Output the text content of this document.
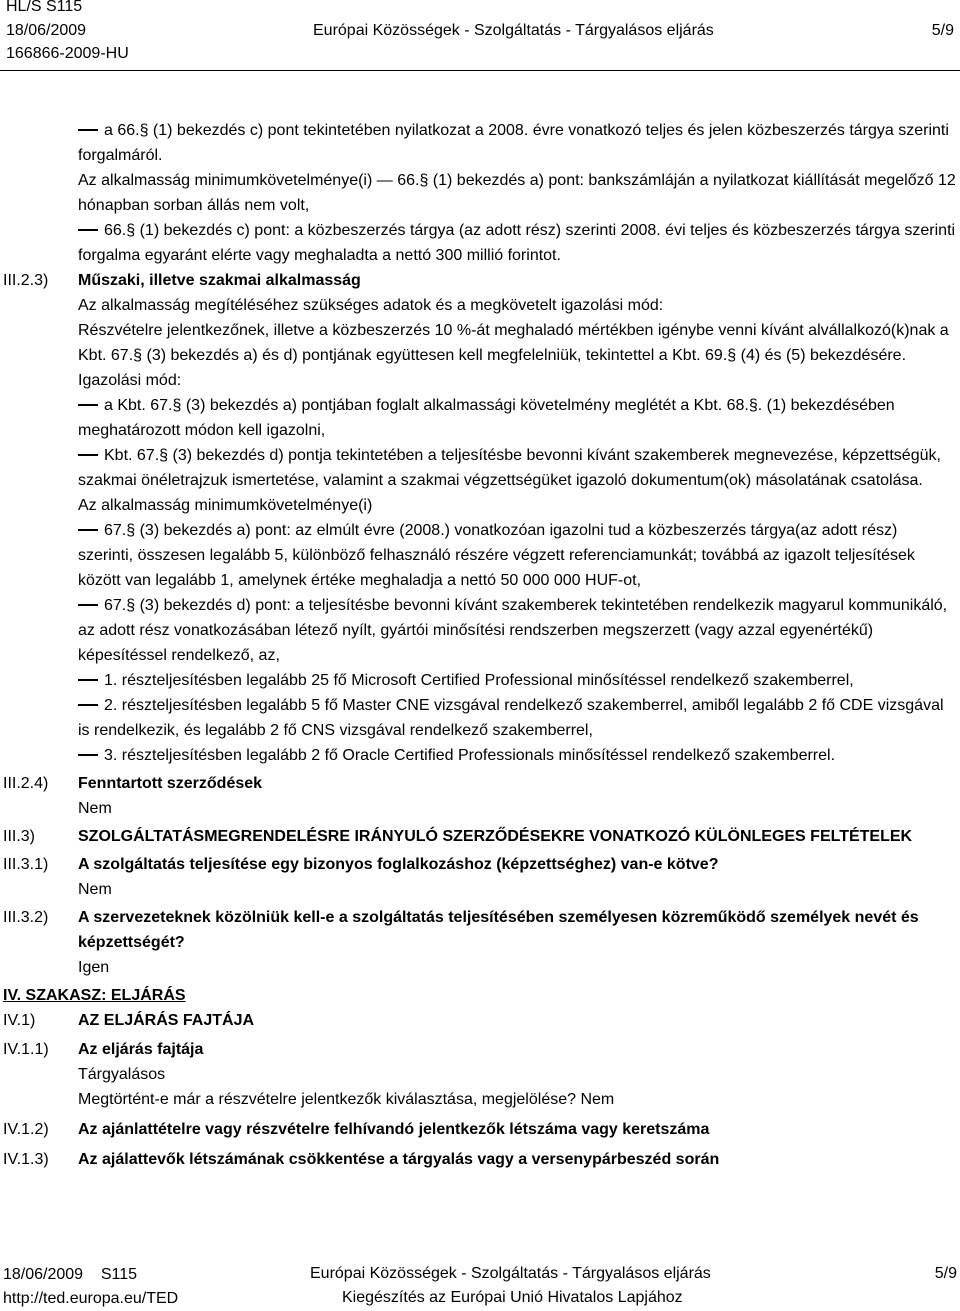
HL/S S115
18/06/2009
166866-2009-HU
Európai Közösségek - Szolgáltatás - Tárgyalásos eljárás	5/9
a 66.§ (1) bekezdés c) pont tekintetében nyilatkozat a 2008. évre vonatkozó teljes és jelen közbeszerzés tárgya szerinti forgalmáról.
Az alkalmasság minimumkövetelménye(i) — 66.§ (1) bekezdés a) pont: bankszámláján a nyilatkozat kiállítását megelőző 12 hónapban sorban állás nem volt,
66.§ (1) bekezdés c) pont: a közbeszerzés tárgya (az adott rész) szerinti 2008. évi teljes és közbeszerzés tárgya szerinti forgalma egyaránt elérte vagy meghaladta a nettó 300 millió forintot.
III.2.3)	Műszaki, illetve szakmai alkalmasság
Az alkalmasság megítéléséhez szükséges adatok és a megkövetelt igazolási mód:
Részvételre jelentkezőnek, illetve a közbeszerzés 10 %-át meghaladó mértékben igénybe venni kívánt alvállalkozó(k)nak a Kbt. 67.§ (3) bekezdés a) és d) pontjának együttesen kell megfelelniük, tekintettel a Kbt. 69.§ (4) és (5) bekezdésére.
Igazolási mód:
a Kbt. 67.§ (3) bekezdés a) pontjában foglalt alkalmassági követelmény meglétét a Kbt. 68.§. (1) bekezdésében meghatározott módon kell igazolni,
Kbt. 67.§ (3) bekezdés d) pontja tekintetében a teljesítésbe bevonni kívánt szakemberek megnevezése, képzettségük, szakmai önéletrajzuk ismertetése, valamint a szakmai végzettségüket igazoló dokumentum(ok) másolatának csatolása.
Az alkalmasság minimumkövetelménye(i)
67.§ (3) bekezdés a) pont: az elmúlt évre (2008.) vonatkozóan igazolni tud a közbeszerzés tárgya(az adott rész) szerinti, összesen legalább 5, különböző felhasználó részére végzett referenciamunkát; továbbá az igazolt teljesítések között van legalább 1, amelynek értéke meghaladja a nettó 50 000 000 HUF-ot,
67.§ (3) bekezdés d) pont: a teljesítésbe bevonni kívánt szakemberek tekintetében rendelkezik magyarul kommunikáló, az adott rész vonatkozásában létező nyílt, gyártói minősítési rendszerben megszerzett (vagy azzal egyenértékű) képesítéssel rendelkező, az,
1. részteljesítésben legalább 25 fő Microsoft Certified Professional minősítéssel rendelkező szakemberrel,
2. részteljesítésben legalább 5 fő Master CNE vizsgával rendelkező szakemberrel, amiből legalább 2 fő CDE vizsgával is rendelkezik, és legalább 2 fő CNS vizsgával rendelkező szakemberrel,
3. részteljesítésben legalább 2 fő Oracle Certified Professionals minősítéssel rendelkező szakemberrel.
III.2.4)	Fenntartott szerződések
Nem
III.3)	SZOLGÁLTATÁSMEGRENDELÉSRE IRÁNYULÓ SZERZŐDÉSEKRE VONATKOZÓ KÜLÖNLEGES FELTÉTELEK
III.3.1)	A szolgáltatás teljesítése egy bizonyos foglalkozáshoz (képzettséghez) van-e kötve?
Nem
III.3.2)	A szervezeteknek közölniük kell-e a szolgáltatás teljesítésében személyesen közreműködő személyek nevét és képzettségét?
Igen
IV. SZAKASZ: ELJÁRÁS
IV.1)	AZ ELJÁRÁS FAJTÁJA
IV.1.1)	Az eljárás fajtája
Tárgyalásos
Megtörtént-e már a részvételre jelentkezők kiválasztása, megjelölése? Nem
IV.1.2)	Az ajánlattételre vagy részvételre felhívandó jelentkezők létszáma vagy keretszáma
IV.1.3)	Az ajálattevők létszámának csökkentése a tárgyalás vagy a versenypárbeszéd során
18/06/2009 S115
http://ted.europa.eu/TED
Európai Közösségek - Szolgáltatás - Tárgyalásos eljárás
Kiegészítés az Európai Unió Hivatalos Lapjához
5/9
